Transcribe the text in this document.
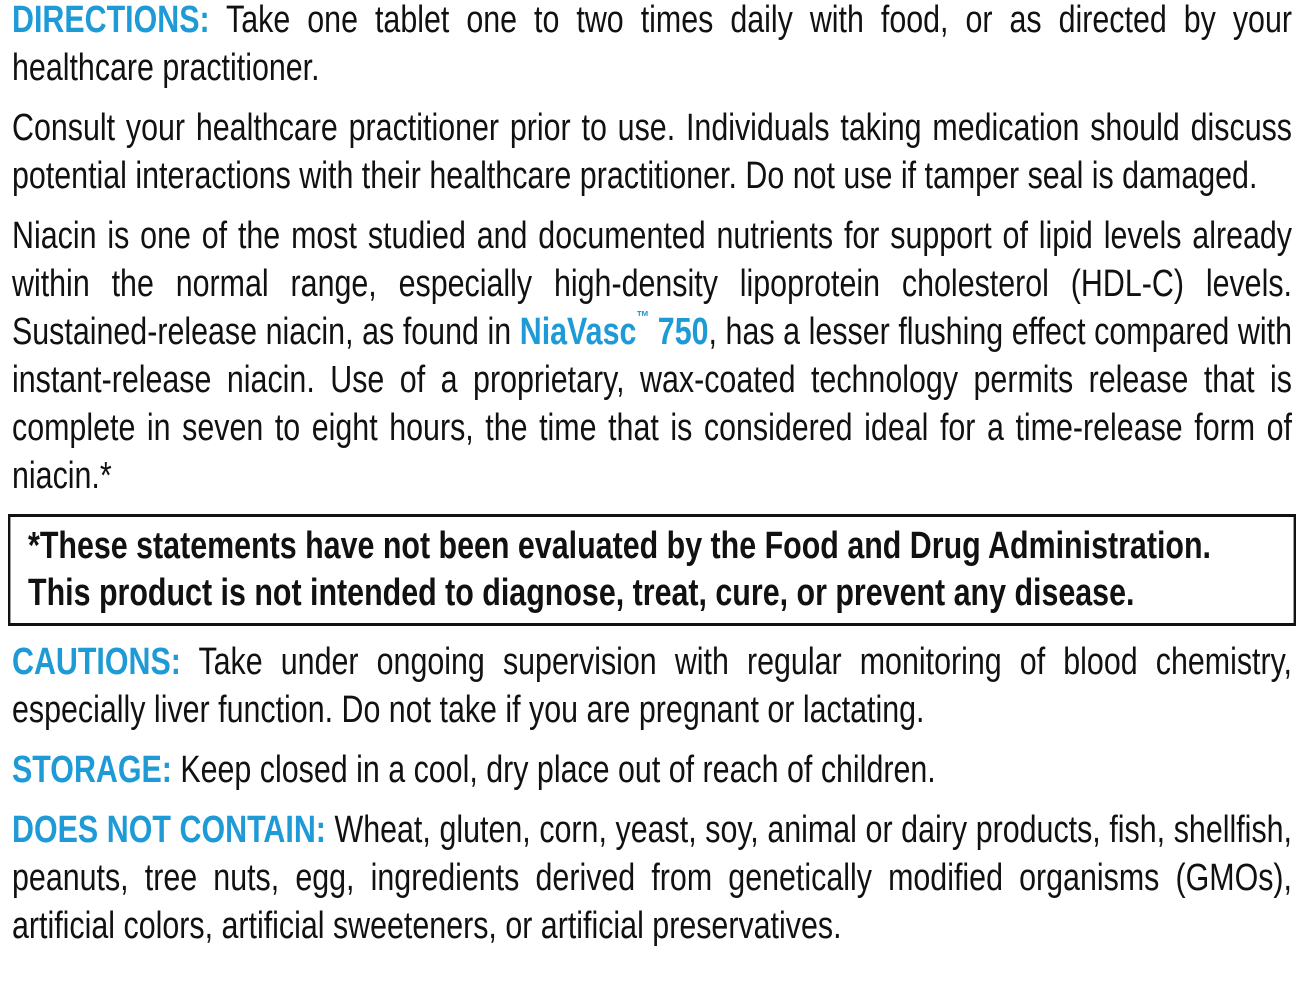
DIRECTIONS: Take one tablet one to two times daily with food, or as directed by your healthcare practitioner.

Consult your healthcare practitioner prior to use. Individuals taking medication should discuss potential interactions with their healthcare practitioner. Do not use if tamper seal is damaged.

Niacin is one of the most studied and documented nutrients for support of lipid levels already within the normal range, especially high-density lipoprotein cholesterol (HDL-C) levels. Sustained-release niacin, as found in NiaVasc™ 750, has a lesser flushing effect compared with instant-release niacin. Use of a proprietary, wax-coated technology permits release that is complete in seven to eight hours, the time that is considered ideal for a time-release form of niacin.*

*These statements have not been evaluated by the Food and Drug Administration.

This product is not intended to diagnose, treat, cure, or prevent any disease.

CAUTIONS: Take under ongoing supervision with regular monitoring of blood chemistry, especially liver function. Do not take if you are pregnant or lactating.

STORAGE: Keep closed in a cool, dry place out of reach of children.

DOES NOT CONTAIN: Wheat, gluten, corn, yeast, soy, animal or dairy products, fish, shellfish, peanuts, tree nuts, egg, ingredients derived from genetically modified organisms (GMOs), artificial colors, artificial sweeteners, or artificial preservatives.
